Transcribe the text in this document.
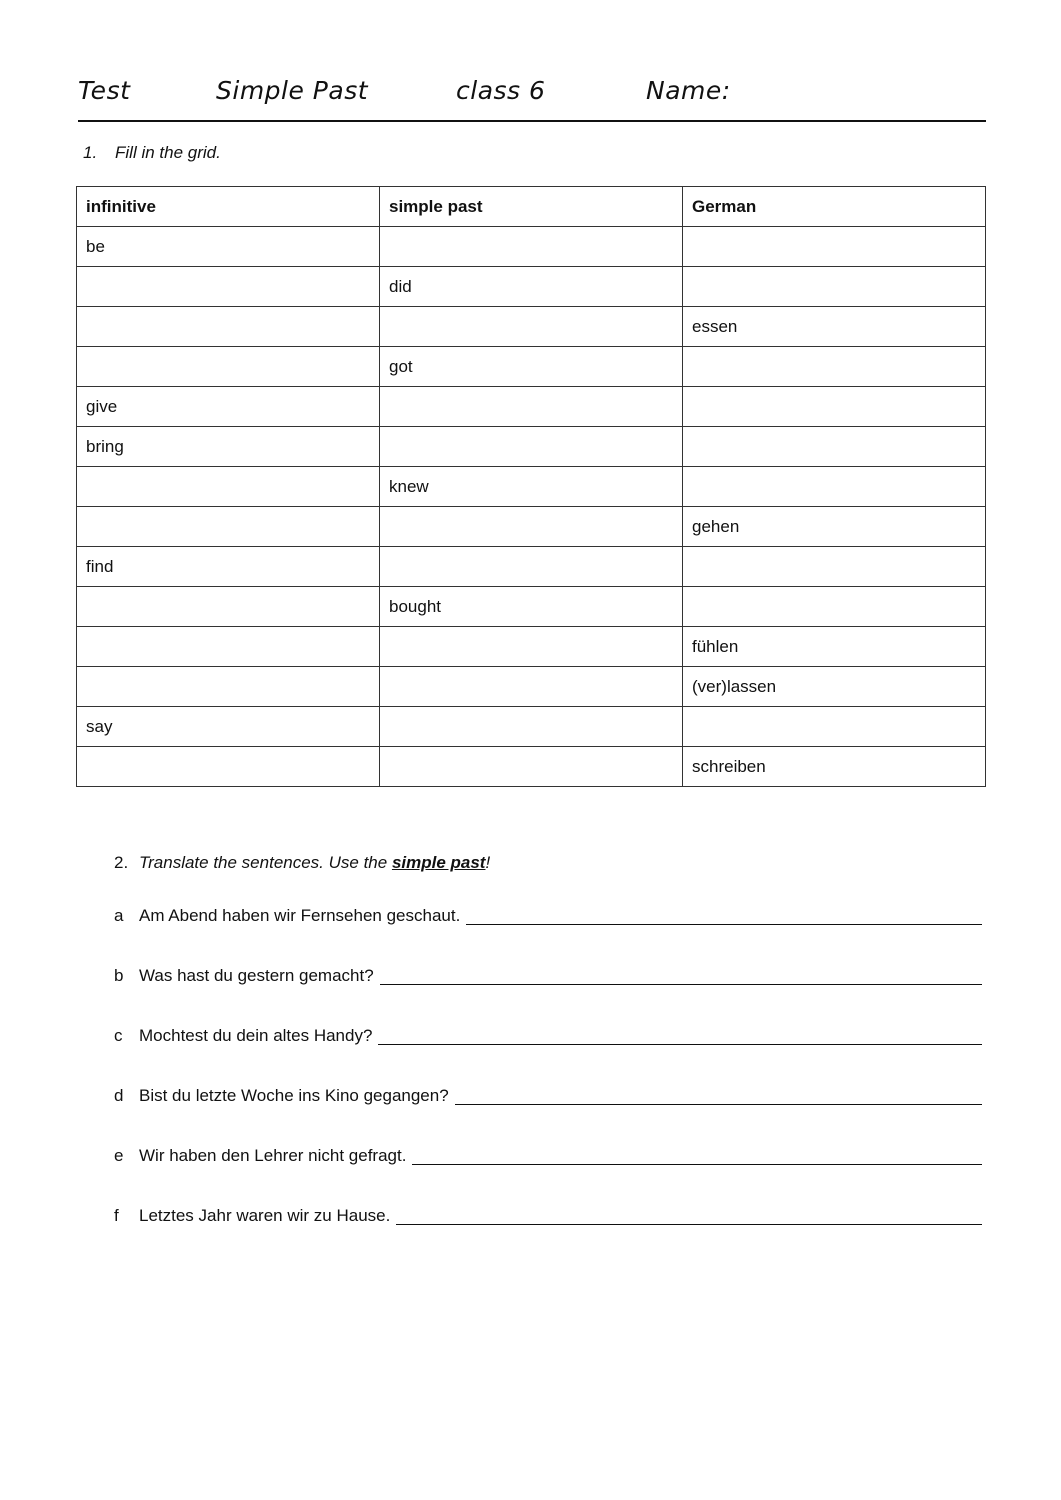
Test	Simple Past	class 6	Name:
1. Fill in the grid.
infinitive	simple past	German
be		
	did	
		essen
	got	
give		
bring		
	knew	
		gehen
find		
	bought	
		fühlen
		(ver)lassen
say		
		schreiben
2. Translate the sentences. Use the simple past!
a Am Abend haben wir Fernsehen geschaut.
b Was hast du gestern gemacht?
c Mochtest du dein altes Handy?
d Bist du letzte Woche ins Kino gegangen?
e Wir haben den Lehrer nicht gefragt.
f	Letztes Jahr waren wir zu Hause.
